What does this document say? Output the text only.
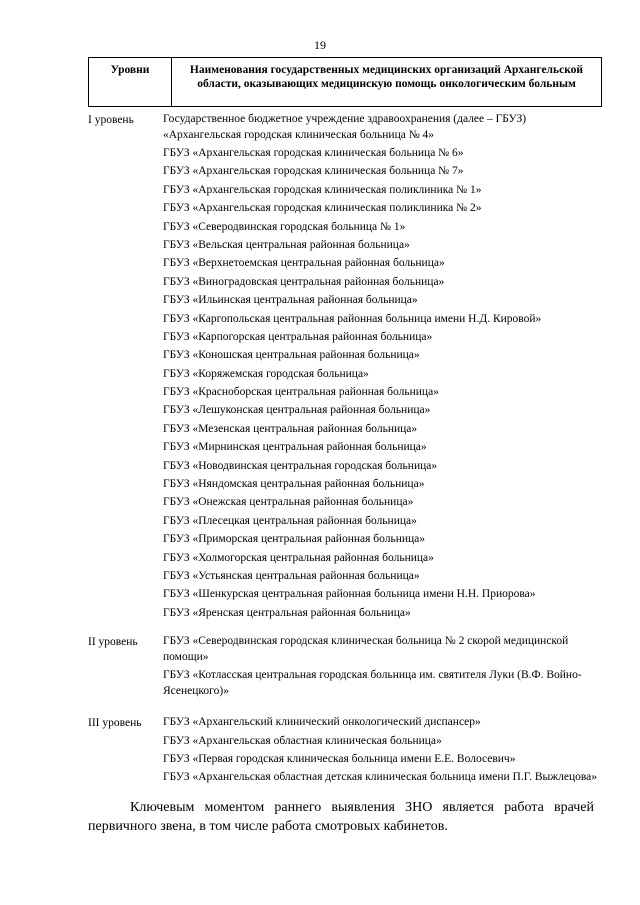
19
Уровни	Наименования государственных медицинских организаций Архангельской области, оказывающих медицинскую помощь онкологическим больным
I уровень	Государственное бюджетное учреждение здравоохранения (далее – ГБУЗ) «Архангельская городская клиническая больница № 4»
ГБУЗ «Архангельская городская клиническая больница № 6»
ГБУЗ «Архангельская городская клиническая больница № 7»
ГБУЗ «Архангельская городская клиническая поликлиника № 1»
ГБУЗ «Архангельская городская клиническая поликлиника № 2»
ГБУЗ «Северодвинская городская больница № 1»
ГБУЗ «Вельская центральная районная больница»
ГБУЗ «Верхнетоемская центральная районная больница»
ГБУЗ «Виноградовская центральная районная больница»
ГБУЗ «Ильинская центральная районная больница»
ГБУЗ «Каргопольская центральная районная больница имени Н.Д. Кировой»
ГБУЗ «Карпогорская центральная районная больница»
ГБУЗ «Коношская центральная районная больница»
ГБУЗ «Коряжемская городская больница»
ГБУЗ «Красноборская центральная районная больница»
ГБУЗ «Лешуконская центральная районная больница»
ГБУЗ «Мезенская центральная районная больница»
ГБУЗ «Мирнинская центральная районная больница»
ГБУЗ «Новодвинская центральная городская больница»
ГБУЗ «Няндомская центральная районная больница»
ГБУЗ «Онежская центральная районная больница»
ГБУЗ «Плесецкая центральная районная больница»
ГБУЗ «Приморская центральная районная больница»
ГБУЗ «Холмогорская центральная районная больница»
ГБУЗ «Устьянская центральная районная больница»
ГБУЗ «Шенкурская центральная районная больница имени Н.Н. Приорова»
ГБУЗ «Яренская центральная районная больница»
II уровень	ГБУЗ «Северодвинская городская клиническая больница № 2 скорой медицинской помощи»
ГБУЗ «Котласская центральная городская больница им. святителя Луки (В.Ф. Войно-Ясенецкого)»
III уровень	ГБУЗ «Архангельский клинический онкологический диспансер»
ГБУЗ «Архангельская областная клиническая больница»
ГБУЗ «Первая городская клиническая больница имени Е.Е. Волосевич»
ГБУЗ «Архангельская областная детская клиническая больница имени П.Г. Выжлецова»

Ключевым моментом раннего выявления ЗНО является работа врачей первичного звена, в том числе работа смотровых кабинетов.
